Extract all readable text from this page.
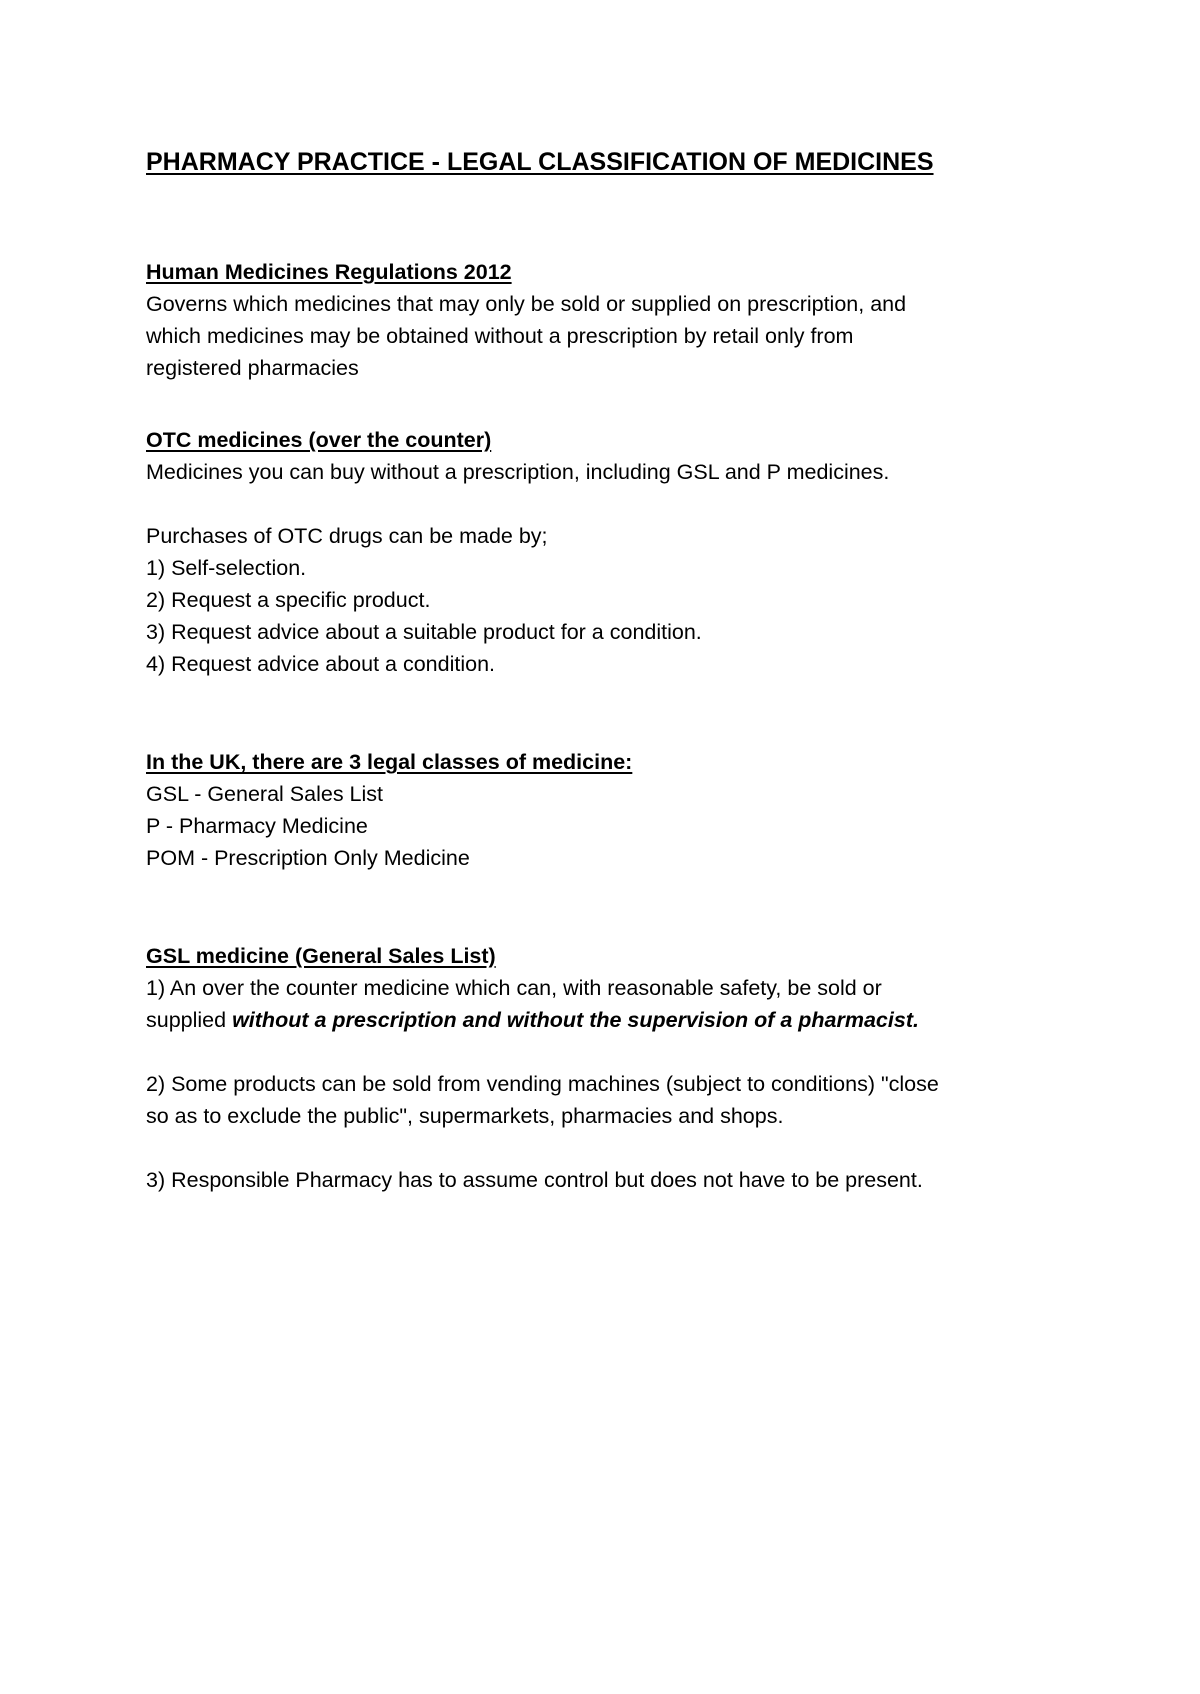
PHARMACY PRACTICE - LEGAL CLASSIFICATION OF MEDICINES
Human Medicines Regulations 2012
Governs which medicines that may only be sold or supplied on prescription, and
which medicines may be obtained without a prescription by retail only from
registered pharmacies
OTC medicines (over the counter)
Medicines you can buy without a prescription, including GSL and P medicines.
Purchases of OTC drugs can be made by;
1) Self-selection.
2) Request a specific product.
3) Request advice about a suitable product for a condition.
4) Request advice about a condition.
In the UK, there are 3 legal classes of medicine:
GSL - General Sales List
P - Pharmacy Medicine
POM - Prescription Only Medicine
GSL medicine (General Sales List)
1) An over the counter medicine which can, with reasonable safety, be sold or
supplied without a prescription and without the supervision of a pharmacist.
2) Some products can be sold from vending machines (subject to conditions) "close
so as to exclude the public", supermarkets, pharmacies and shops.
3) Responsible Pharmacy has to assume control but does not have to be present.
